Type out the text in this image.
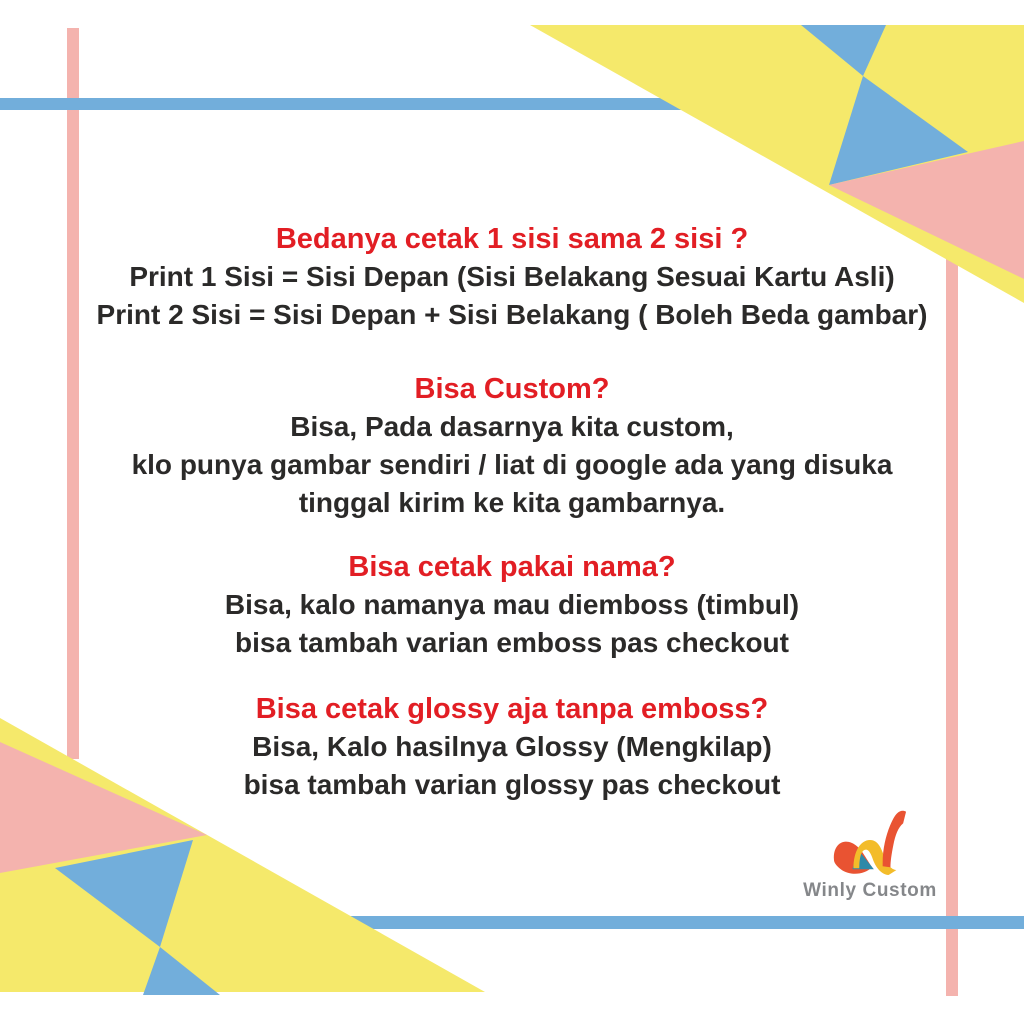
Bedanya cetak 1 sisi sama 2 sisi ?

Print 1 Sisi = Sisi Depan (Sisi Belakang Sesuai Kartu Asli)

Print 2 Sisi = Sisi Depan + Sisi Belakang ( Boleh Beda gambar)

Bisa Custom?

Bisa, Pada dasarnya kita custom,

klo punya gambar sendiri / liat di google ada yang disuka

tinggal kirim ke kita gambarnya.

Bisa cetak pakai nama?

Bisa, kalo namanya mau diemboss (timbul)

bisa tambah varian emboss pas checkout

Bisa cetak glossy aja tanpa emboss?

Bisa, Kalo hasilnya Glossy (Mengkilap)

bisa tambah varian glossy pas checkout

Winly Custom
